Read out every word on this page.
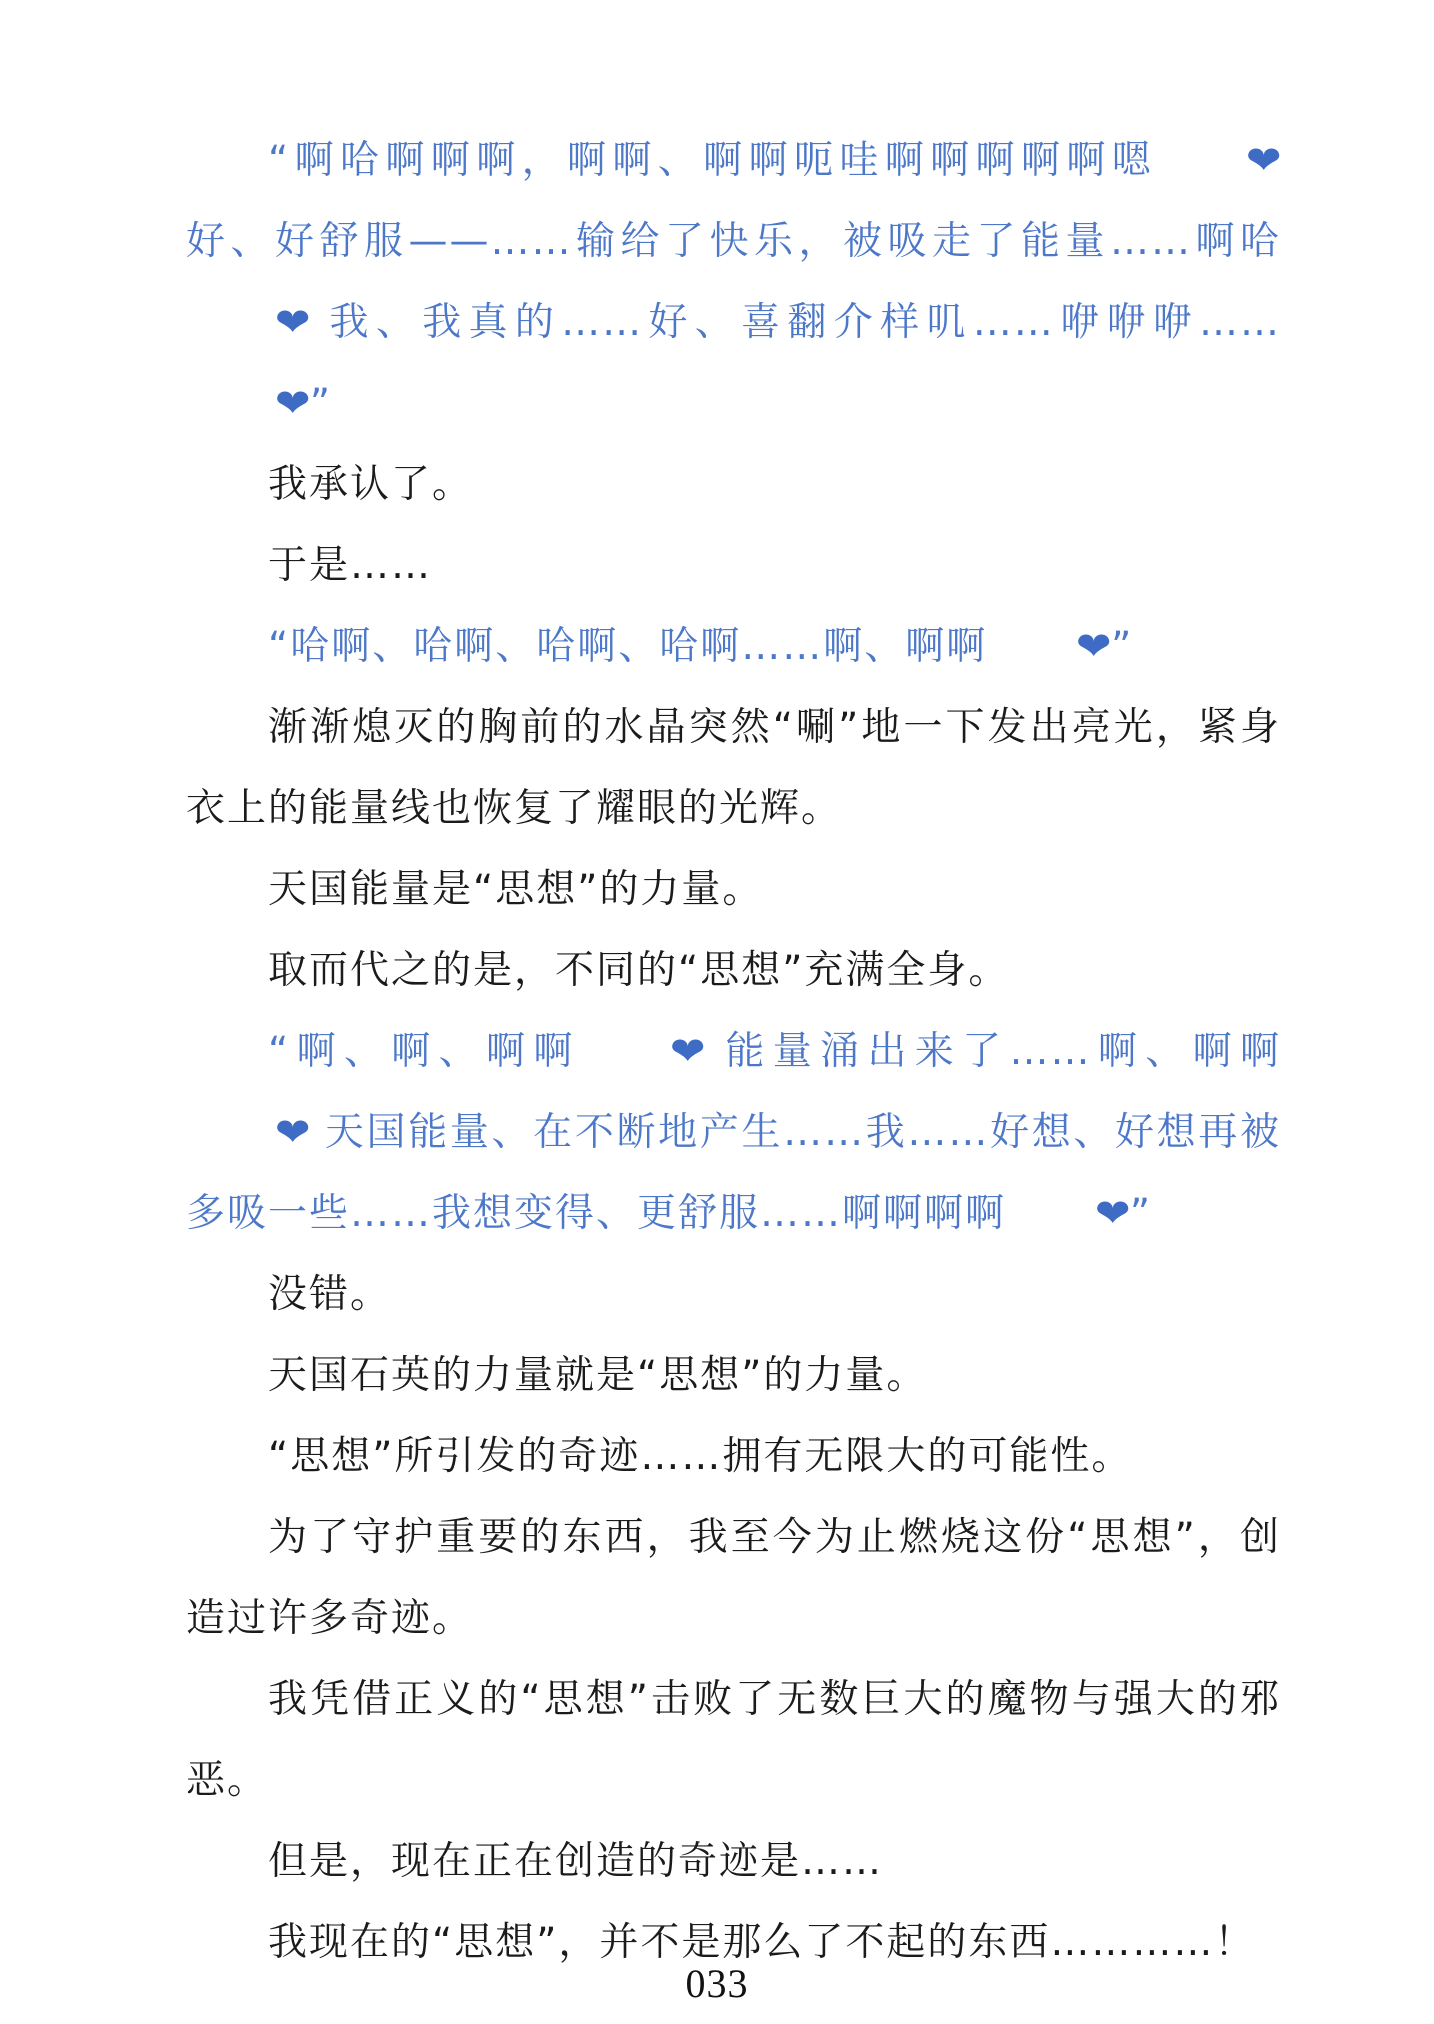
“啊哈啊啊啊，啊啊、啊啊呃哇啊啊啊啊啊嗯 ❤ 好、好舒服——……输给了快乐，被吸走了能量……啊哈❤ 我、我真的……好、喜翻介样叽……咿咿咿……❤”

我承认了。

于是……

“哈啊、哈啊、哈啊、哈啊……啊、啊啊 ❤”

渐渐熄灭的胸前的水晶突然“唰”地一下发出亮光，紧身衣上的能量线也恢复了耀眼的光辉。

天国能量是“思想”的力量。

取而代之的是，不同的“思想”充满全身。

“啊、啊、啊啊 ❤ 能量涌出来了……啊、啊啊❤ 天国能量、在不断地产生……我……好想、好想再被多吸一些……我想变得、更舒服……啊啊啊啊 ❤”

没错。

天国石英的力量就是“思想”的力量。

“思想”所引发的奇迹……拥有无限大的可能性。

为了守护重要的东西，我至今为止燃烧这份“思想”，创造过许多奇迹。

我凭借正义的“思想”击败了无数巨大的魔物与强大的邪恶。

但是，现在正在创造的奇迹是……

我现在的“思想”，并不是那么了不起的东西…………！

033
